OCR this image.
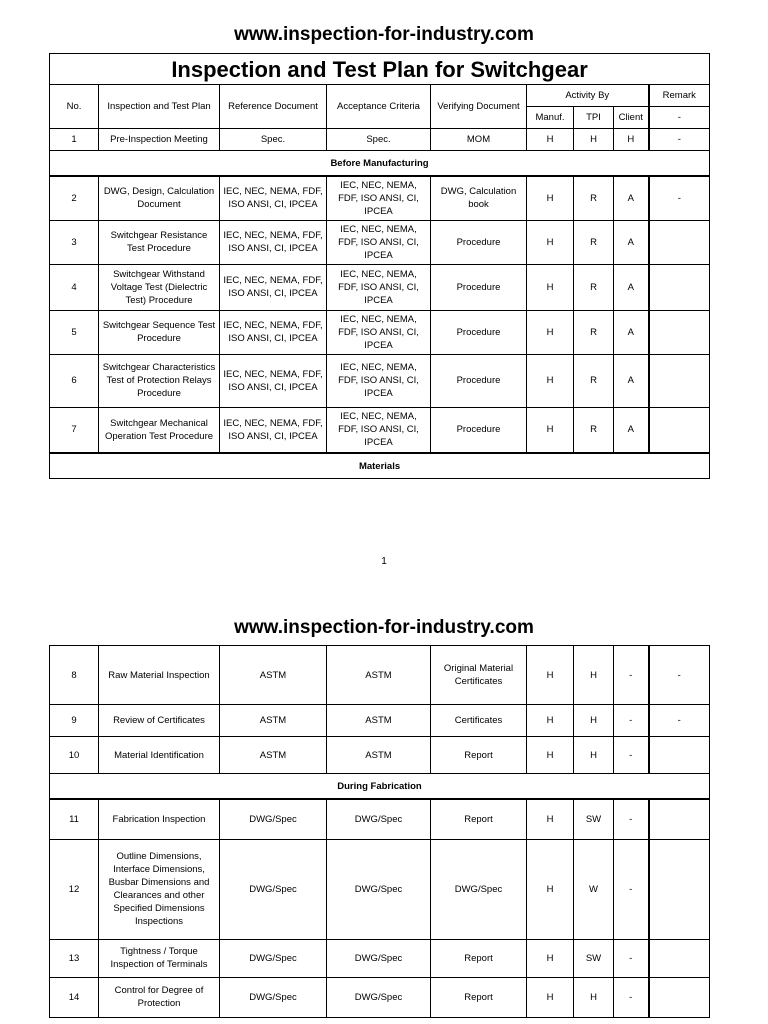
www.inspection-for-industry.com
Inspection and Test Plan for Switchgear								
No.	Inspection and Test Plan	Reference Document	Acceptance Criteria	Verifying Document	Activity By			Remark
					Manuf.	TPI	Client	-
1	Pre-Inspection Meeting	Spec.	Spec.	MOM	H	H	H	-
Before Manufacturing								
2	DWG, Design, Calculation Document	IEC, NEC, NEMA, FDF, ISO ANSI, CI, IPCEA	IEC, NEC, NEMA, FDF, ISO ANSI, CI, IPCEA	DWG, Calculation book	H	R	A	-
3	Switchgear Resistance Test Procedure	IEC, NEC, NEMA, FDF, ISO ANSI, CI, IPCEA	IEC, NEC, NEMA, FDF, ISO ANSI, CI, IPCEA	Procedure	H	R	A	
4	Switchgear Withstand Voltage Test (Dielectric Test) Procedure	IEC, NEC, NEMA, FDF, ISO ANSI, CI, IPCEA	IEC, NEC, NEMA, FDF, ISO ANSI, CI, IPCEA	Procedure	H	R	A	
5	Switchgear Sequence Test Procedure	IEC, NEC, NEMA, FDF, ISO ANSI, CI, IPCEA	IEC, NEC, NEMA, FDF, ISO ANSI, CI, IPCEA	Procedure	H	R	A	
6	Switchgear Characteristics Test of Protection Relays Procedure	IEC, NEC, NEMA, FDF, ISO ANSI, CI, IPCEA	IEC, NEC, NEMA, FDF, ISO ANSI, CI, IPCEA	Procedure	H	R	A	
7	Switchgear Mechanical Operation Test Procedure	IEC, NEC, NEMA, FDF, ISO ANSI, CI, IPCEA	IEC, NEC, NEMA, FDF, ISO ANSI, CI, IPCEA	Procedure	H	R	A	
Materials								
1
www.inspection-for-industry.com
8	Raw Material Inspection	ASTM	ASTM	Original Material Certificates	H	H	-	-
9	Review of Certificates	ASTM	ASTM	Certificates	H	H	-	-
10	Material Identification	ASTM	ASTM	Report	H	H	-	
During Fabrication								
11	Fabrication Inspection	DWG/Spec	DWG/Spec	Report	H	SW	-	
12	Outline Dimensions, Interface Dimensions, Busbar Dimensions and Clearances and other Specified Dimensions Inspections	DWG/Spec	DWG/Spec	DWG/Spec	H	W	-	
13	Tightness / Torque Inspection of Terminals	DWG/Spec	DWG/Spec	Report	H	SW	-	
14	Control for Degree of Protection	DWG/Spec	DWG/Spec	Report	H	H	-	
